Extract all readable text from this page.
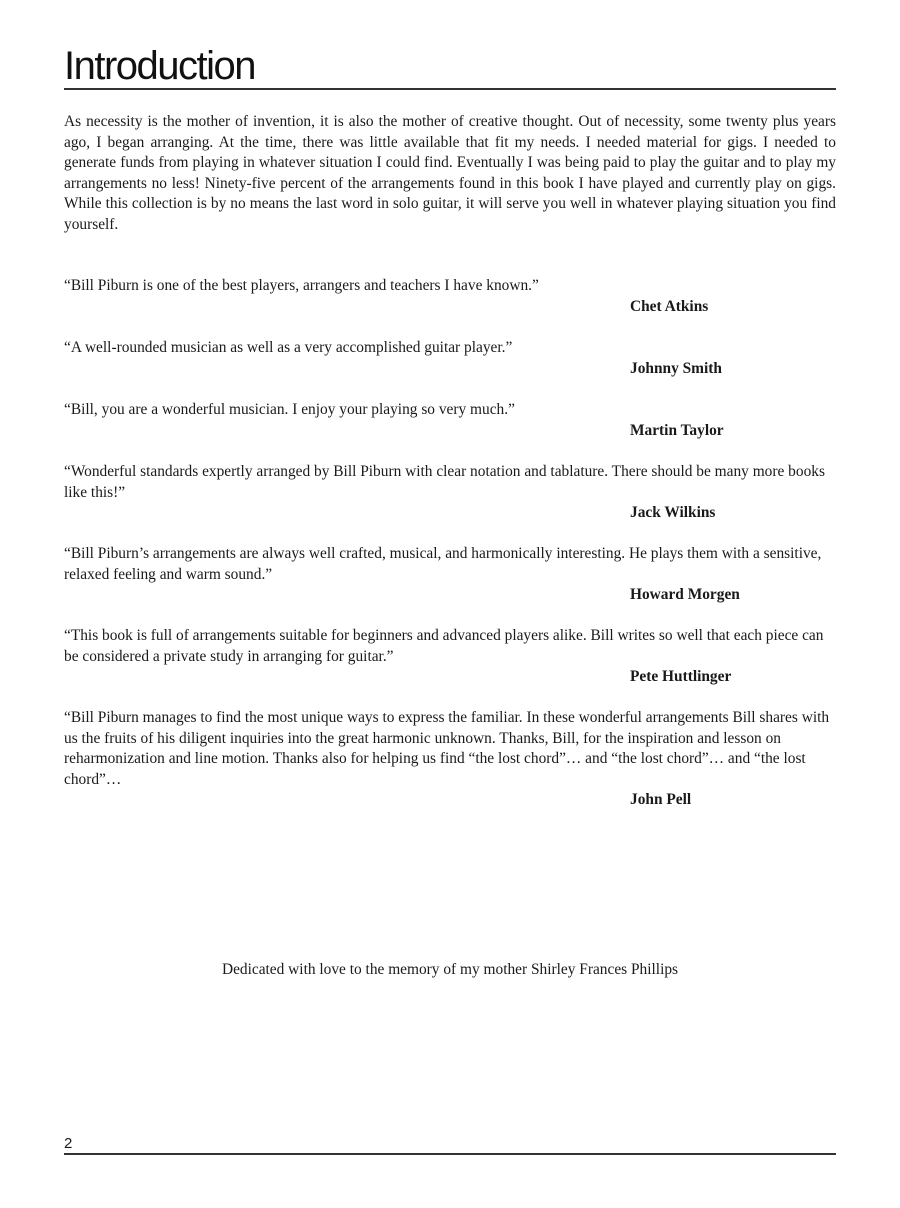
Introduction

As necessity is the mother of invention, it is also the mother of creative thought. Out of necessity, some twenty plus years ago, I began arranging. At the time, there was little available that fit my needs. I needed material for gigs. I needed to generate funds from playing in whatever situation I could find. Eventually I was being paid to play the guitar and to play my arrangements no less! Ninety-five percent of the arrangements found in this book I have played and currently play on gigs. While this collection is by no means the last word in solo guitar, it will serve you well in whatever playing situation you find yourself.

“Bill Piburn is one of the best players, arrangers and teachers I have known.”

Chet Atkins

“A well-rounded musician as well as a very accomplished guitar player.”

Johnny Smith

“Bill, you are a wonderful musician. I enjoy your playing so very much.”

Martin Taylor

“Wonderful standards expertly arranged by Bill Piburn with clear notation and tablature. There should be many more books like this!”

Jack Wilkins

“Bill Piburn’s arrangements are always well crafted, musical, and harmonically interesting. He plays them with a sensitive, relaxed feeling and warm sound.”

Howard Morgen

“This book is full of arrangements suitable for beginners and advanced players alike. Bill writes so well that each piece can be considered a private study in arranging for guitar.”

Pete Huttlinger

“Bill Piburn manages to find the most unique ways to express the familiar. In these wonderful arrangements Bill shares with us the fruits of his diligent inquiries into the great harmonic unknown. Thanks, Bill, for the inspiration and lesson on reharmonization and line motion. Thanks also for helping us find “the lost chord”… and “the lost chord”… and “the lost chord”…

John Pell

Dedicated with love to the memory of my mother Shirley Frances Phillips

2
